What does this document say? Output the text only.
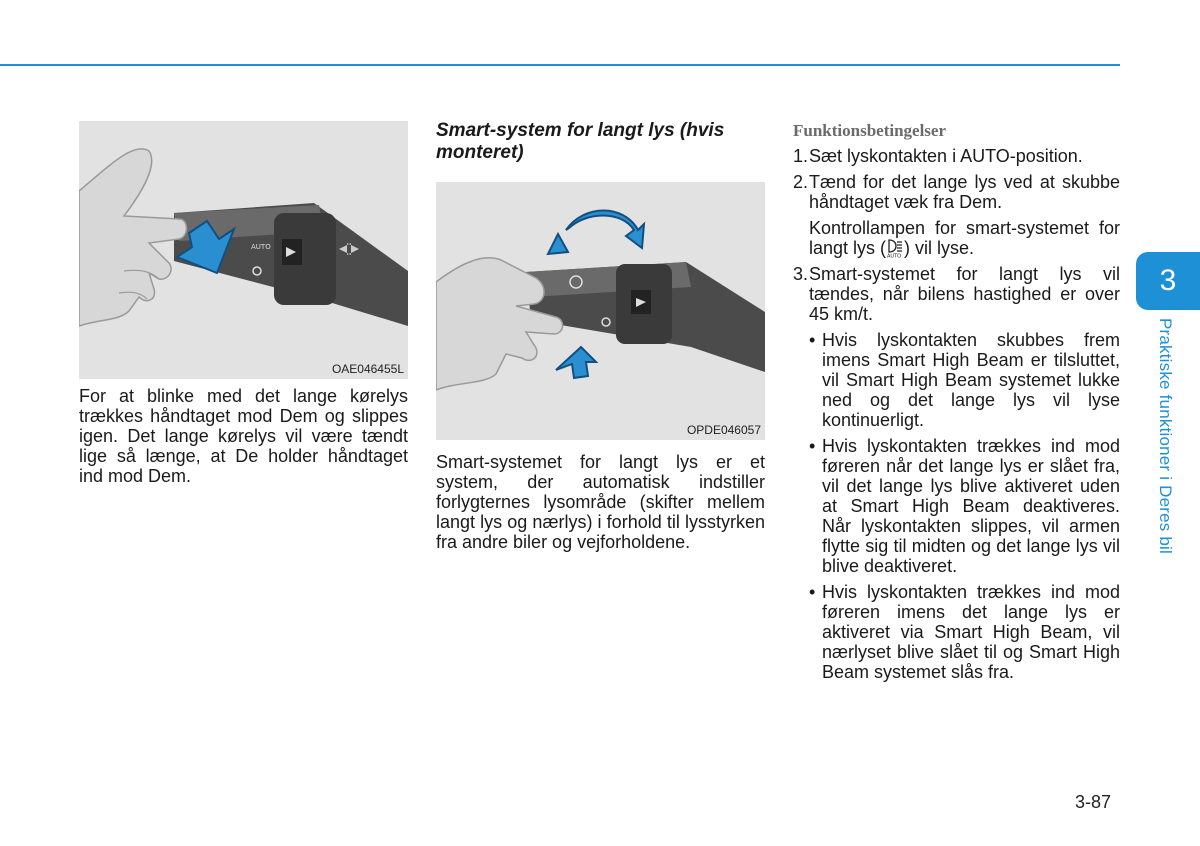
AUTO
OAE046455L

For at blinke med det lange kørelys trækkes håndtaget mod Dem og slippes igen. Det lange kørelys vil være tændt lige så længe, at De holder håndtaget ind mod Dem.

Smart-system for langt lys (hvis monteret)
OPDE046057

Smart-systemet for langt lys er et system, der automatisk indstiller forlygternes lysområde (skifter mellem langt lys og nærlys) i forhold til lysstyrken fra andre biler og vejforholdene.

Funktionsbetingelser
1. Sæt lyskontakten i AUTO-position.
2. Tænd for det lange lys ved at skubbe håndtaget væk fra Dem.
Kontrollampen for smart-systemet for langt lys ( AUTO ) vil lyse.
3. Smart-systemet for langt lys vil tændes, når bilens hastighed er over 45 km/t.
• Hvis lyskontakten skubbes frem imens Smart High Beam er tilsluttet, vil Smart High Beam systemet lukke ned og det lange lys vil lyse kontinuerligt.
• Hvis lyskontakten trækkes ind mod føreren når det lange lys er slået fra, vil det lange lys blive aktiveret uden at Smart High Beam deaktiveres. Når lyskontakten slippes, vil armen flytte sig til midten og det lange lys vil blive deaktiveret.
• Hvis lyskontakten trækkes ind mod føreren imens det lange lys er aktiveret via Smart High Beam, vil nærlyset blive slået til og Smart High Beam systemet slås fra.
3
Praktiske funktioner i Deres bil
3-87
